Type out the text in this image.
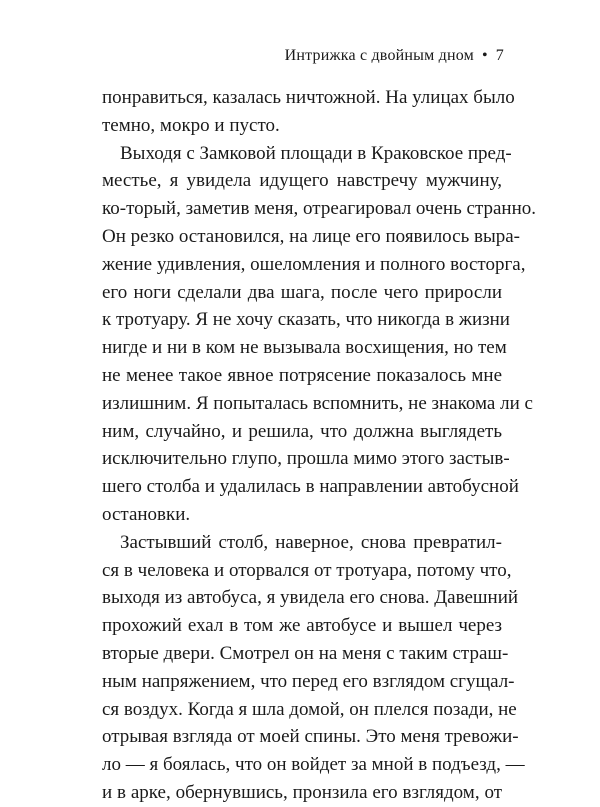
Интрижка с двойным дном • 7
понравиться, казалась ничтожной. На улицах было
темно, мокро и пусто.
Выходя с Замковой площади в Краковское пред-
местье, я увидела идущего навстречу мужчину,
ко-торый, заметив меня, отреагировал очень странно.
Он резко остановился, на лице его появилось выра-
жение удивления, ошеломления и полного восторга,
его ноги сделали два шага, после чего приросли
к тротуару. Я не хочу сказать, что никогда в жизни
нигде и ни в ком не вызывала восхищения, но тем
не менее такое явное потрясение показалось мне
излишним. Я попыталась вспомнить, не знакома ли с
ним, случайно, и решила, что должна выглядеть
исключительно глупо, прошла мимо этого застыв-
шего столба и удалилась в направлении автобусной
остановки.
Застывший столб, наверное, снова превратил-
ся в человека и оторвался от тротуара, потому что,
выходя из автобуса, я увидела его снова. Давешний
прохожий ехал в том же автобусе и вышел через
вторые двери. Смотрел он на меня с таким страш-
ным напряжением, что перед его взглядом сгущал-
ся воздух. Когда я шла домой, он плелся позади, не
отрывая взгляда от моей спины. Это меня тревожи-
ло — я боялась, что он войдет за мной в подъезд, —
и в арке, обернувшись, пронзила его взглядом, от
